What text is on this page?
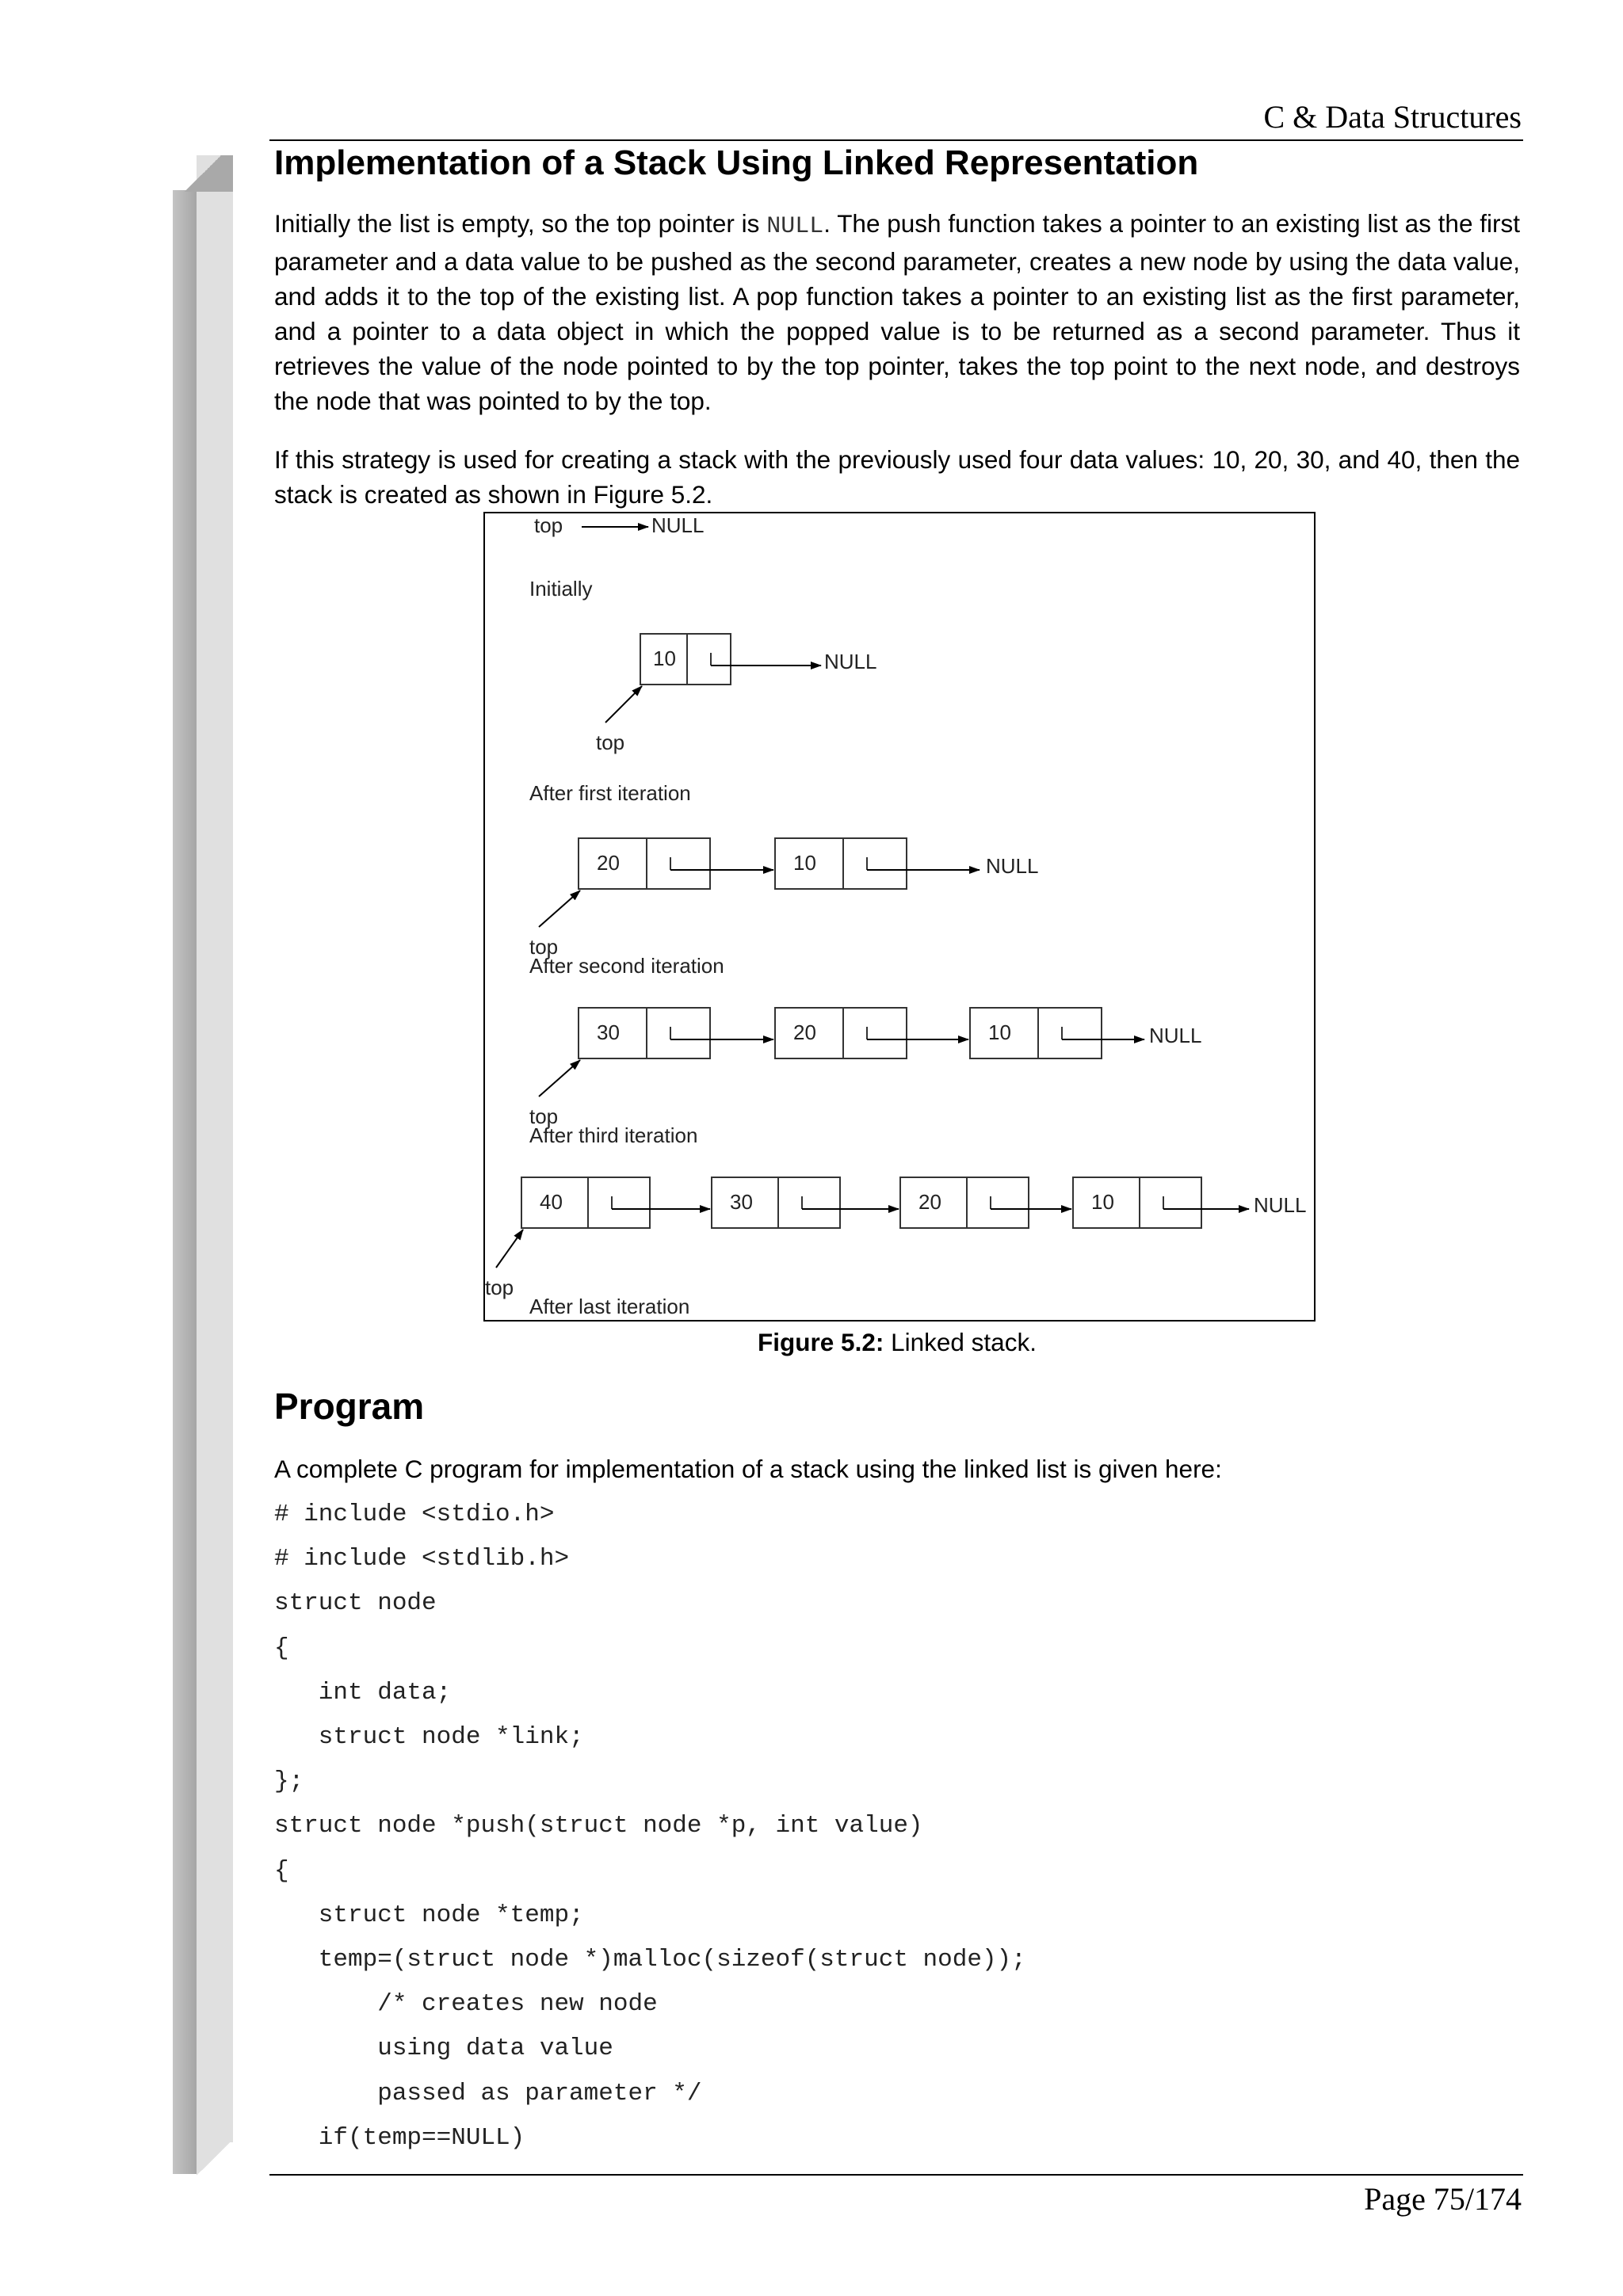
C & Data Structures
Implementation of a Stack Using Linked Representation

Initially the list is empty, so the top pointer is NULL. The push function takes a pointer to an existing list as the first parameter and a data value to be pushed as the second parameter, creates a new node by using the data value, and adds it to the top of the existing list. A pop function takes a pointer to an existing list as the first parameter, and a pointer to a data object in which the popped value is to be returned as a second parameter. Thus it retrieves the value of the node pointed to by the top pointer, takes the top point to the next node, and destroys the node that was pointed to by the top.

If this strategy is used for creating a stack with the previously used four data values: 10, 20, 30, and 40, then the stack is created as shown in Figure 5.2.

top	NULL
Initially
10	NULL
top
After first iteration
20	10	NULL
top
After second iteration
30	20	10	NULL
top
After third iteration
40	30	20	10	NULL
top
After last iteration
Figure 5.2: Linked stack.
Program

A complete C program for implementation of a stack using the linked list is given here:

# include <stdio.h>
# include <stdlib.h>
struct node
{
int data;
struct node *link;
};
struct node *push(struct node *p, int value)
{
struct node *temp;
temp=(struct node *)malloc(sizeof(struct node));
/* creates new node
using data value
passed as parameter */
if(temp==NULL)

Page 75/174
